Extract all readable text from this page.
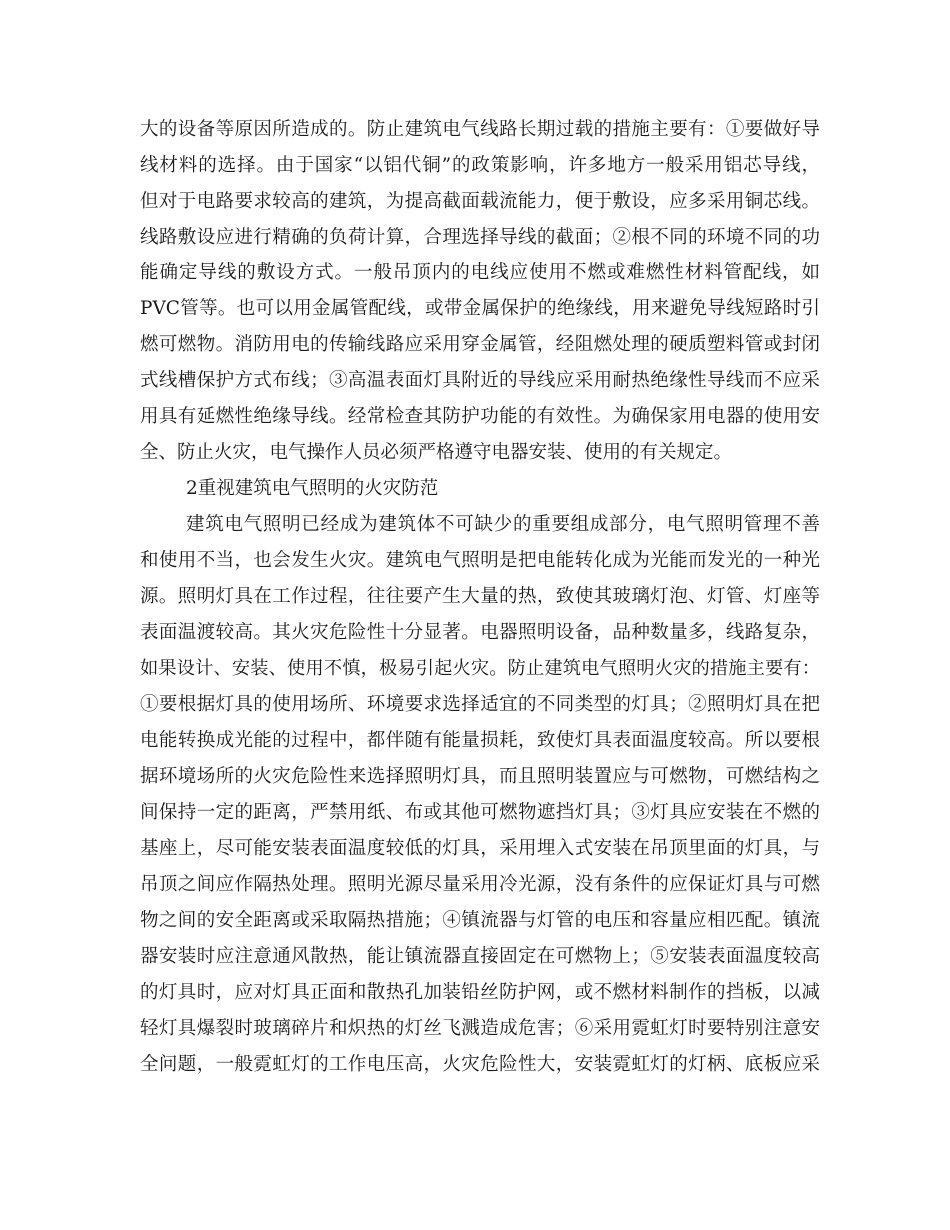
大的设备等原因所造成的。防止建筑电气线路长期过载的措施主要有：①要做好导
线材料的选择。由于国家“以铝代铜”的政策影响，许多地方一般采用铝芯导线，
但对于电路要求较高的建筑，为提高截面载流能力，便于敷设，应多采用铜芯线。
线路敷设应进行精确的负荷计算，合理选择导线的截面；②根不同的环境不同的功
能确定导线的敷设方式。一般吊顶内的电线应使用不燃或难燃性材料管配线，如
PVC管等。也可以用金属管配线，或带金属保护的绝缘线，用来避免导线短路时引
燃可燃物。消防用电的传输线路应采用穿金属管，经阻燃处理的硬质塑料管或封闭
式线槽保护方式布线；③高温表面灯具附近的导线应采用耐热绝缘性导线而不应采
用具有延燃性绝缘导线。经常检查其防护功能的有效性。为确保家用电器的使用安
全、防止火灾，电气操作人员必须严格遵守电器安装、使用的有关规定。
2重视建筑电气照明的火灾防范
建筑电气照明已经成为建筑体不可缺少的重要组成部分，电气照明管理不善
和使用不当，也会发生火灾。建筑电气照明是把电能转化成为光能而发光的一种光
源。照明灯具在工作过程，往往要产生大量的热，致使其玻璃灯泡、灯管、灯座等
表面温渡较高。其火灾危险性十分显著。电器照明设备，品种数量多，线路复杂，
如果设计、安装、使用不慎，极易引起火灾。防止建筑电气照明火灾的措施主要有：
①要根据灯具的使用场所、环境要求选择适宜的不同类型的灯具；②照明灯具在把
电能转换成光能的过程中，都伴随有能量损耗，致使灯具表面温度较高。所以要根
据环境场所的火灾危险性来选择照明灯具，而且照明装置应与可燃物，可燃结构之
间保持一定的距离，严禁用纸、布或其他可燃物遮挡灯具；③灯具应安装在不燃的
基座上，尽可能安装表面温度较低的灯具，采用埋入式安装在吊顶里面的灯具，与
吊顶之间应作隔热处理。照明光源尽量采用冷光源，没有条件的应保证灯具与可燃
物之间的安全距离或采取隔热措施；④镇流器与灯管的电压和容量应相匹配。镇流
器安装时应注意通风散热，能让镇流器直接固定在可燃物上；⑤安装表面温度较高
的灯具时，应对灯具正面和散热孔加装铅丝防护网，或不燃材料制作的挡板，以减
轻灯具爆裂时玻璃碎片和炽热的灯丝飞溅造成危害；⑥采用霓虹灯时要特别注意安
全问题，一般霓虹灯的工作电压高，火灾危险性大，安装霓虹灯的灯柄、底板应采
